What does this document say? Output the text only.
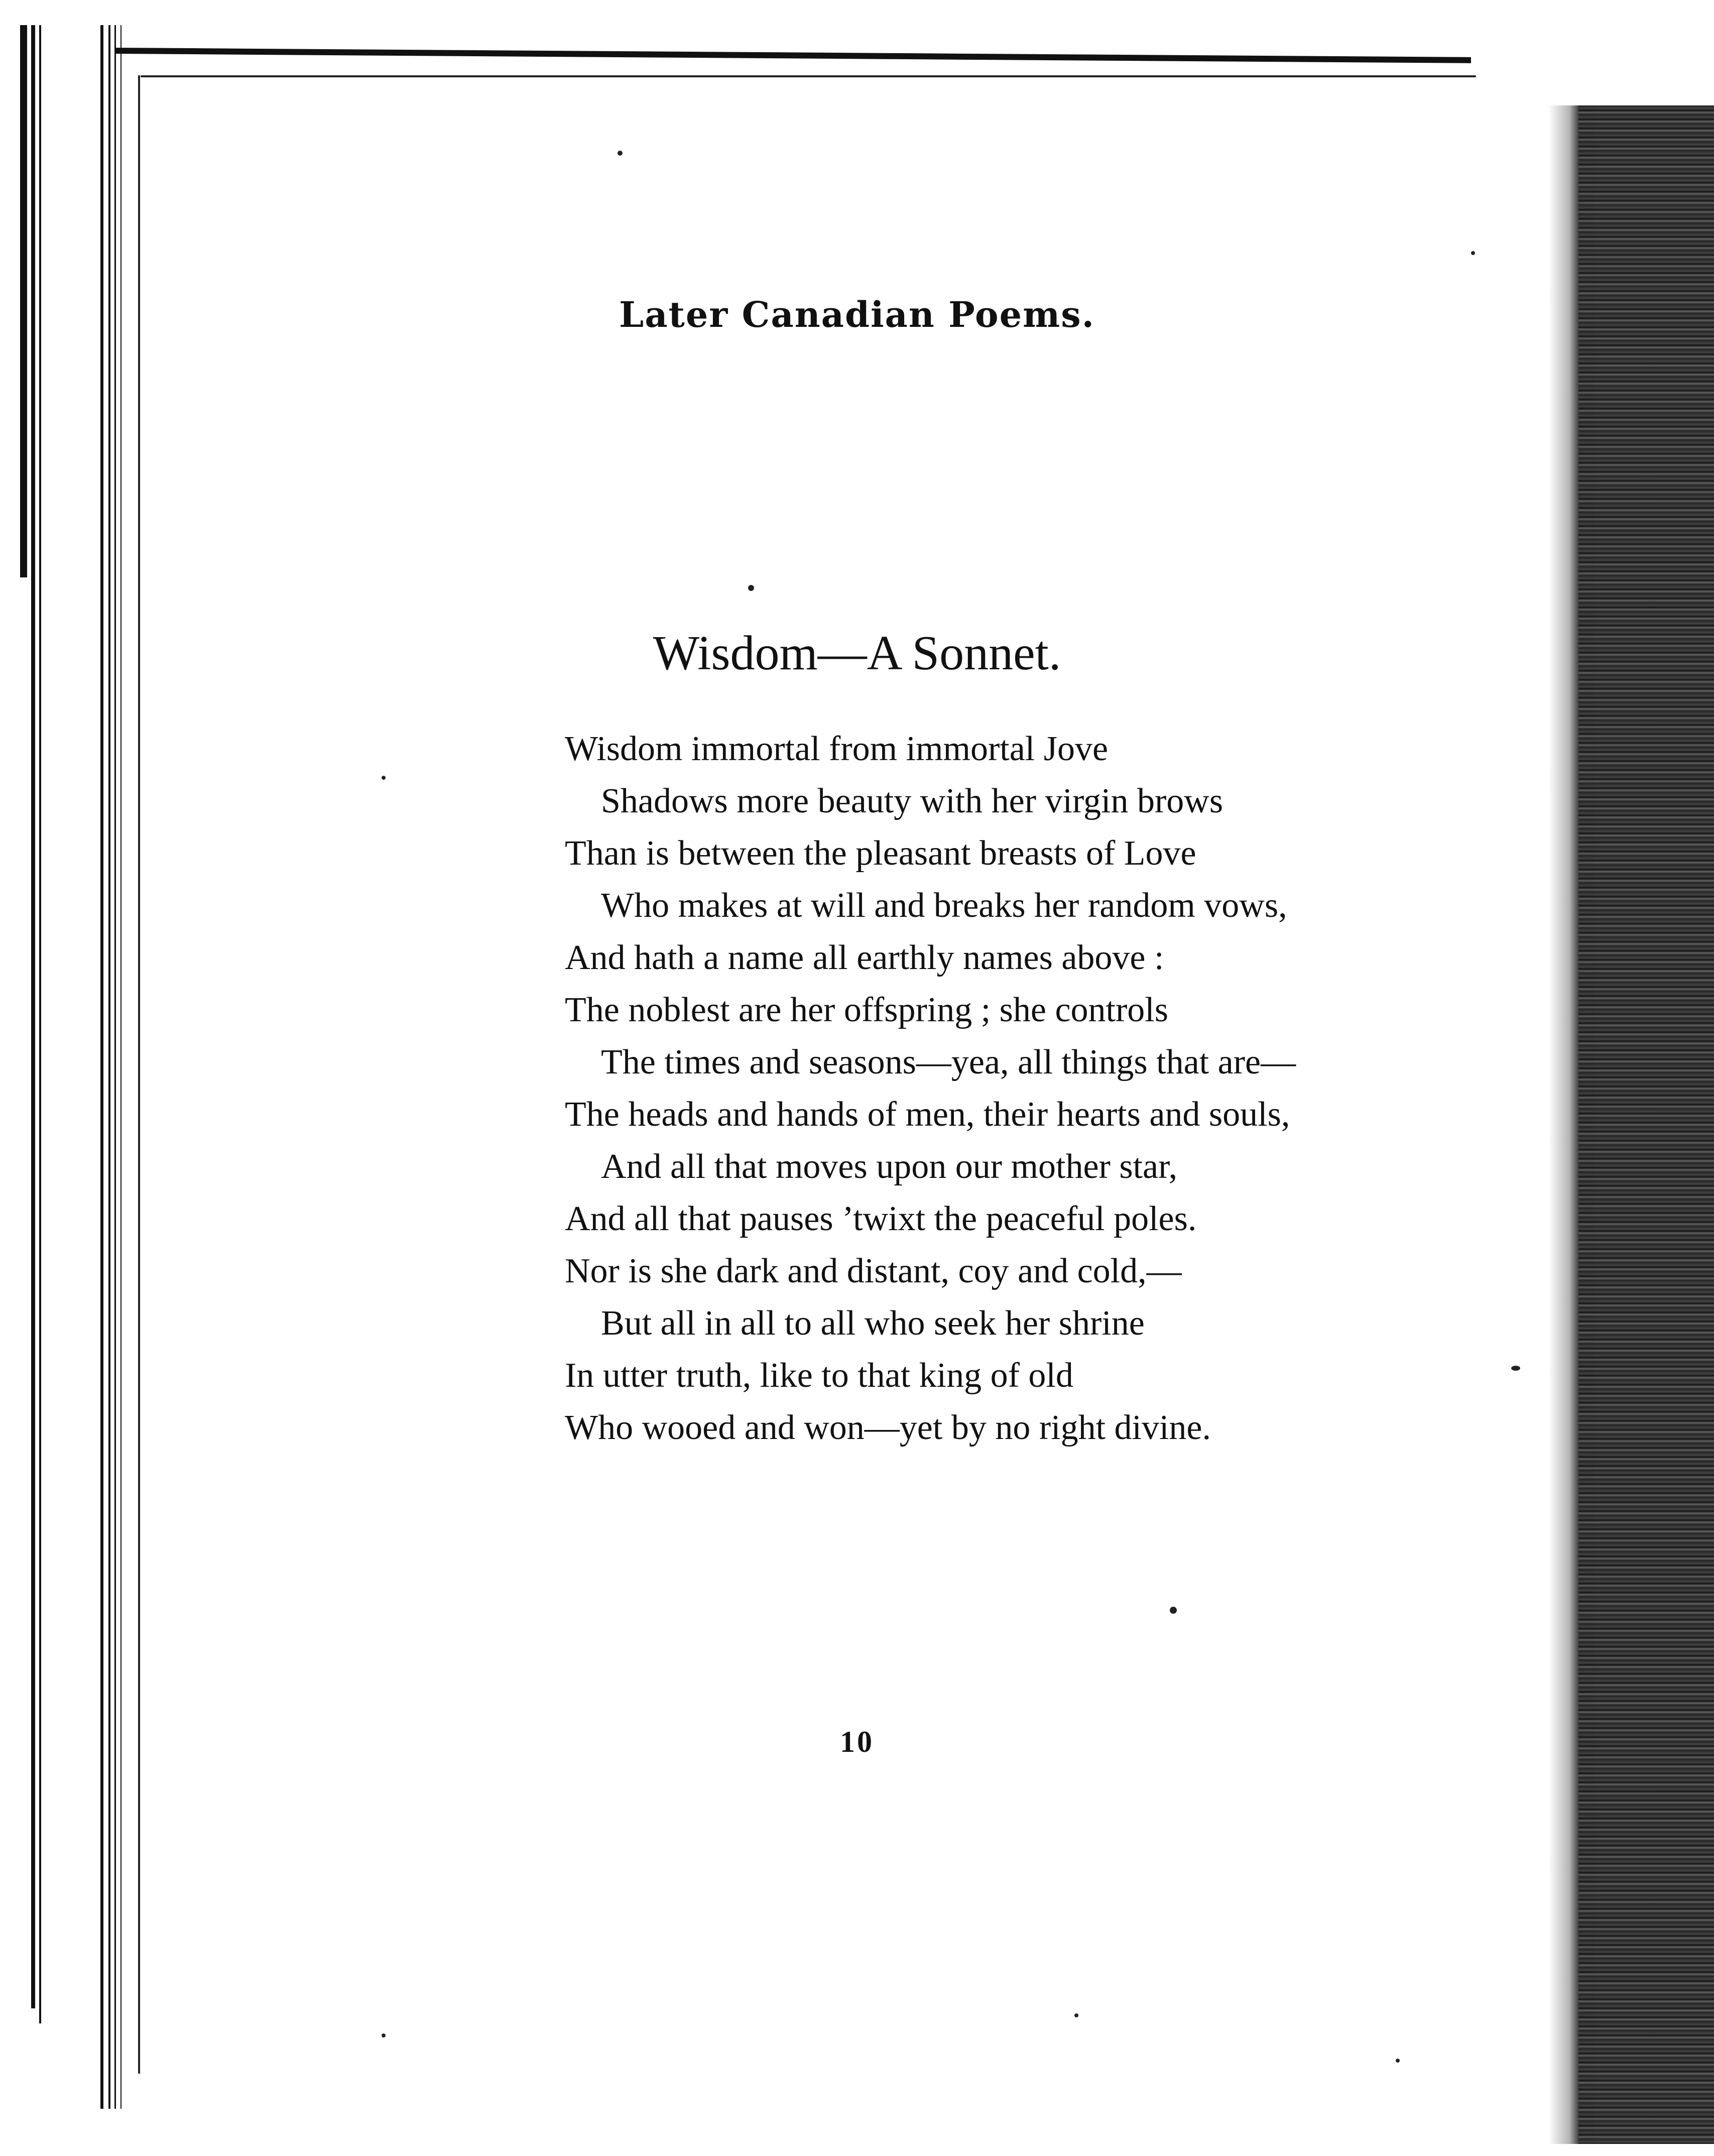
Later Canadian Poems.
Wisdom—A Sonnet.
Wisdom immortal from immortal Jove
Shadows more beauty with her virgin brows
Than is between the pleasant breasts of Love
Who makes at will and breaks her random vows,
And hath a name all earthly names above :
The noblest are her offspring ; she controls
The times and seasons—yea, all things that are—
The heads and hands of men, their hearts and souls,
And all that moves upon our mother star,
And all that pauses ’twixt the peaceful poles.
Nor is she dark and distant, coy and cold,—
But all in all to all who seek her shrine
In utter truth, like to that king of old
Who wooed and won—yet by no right divine.
10
